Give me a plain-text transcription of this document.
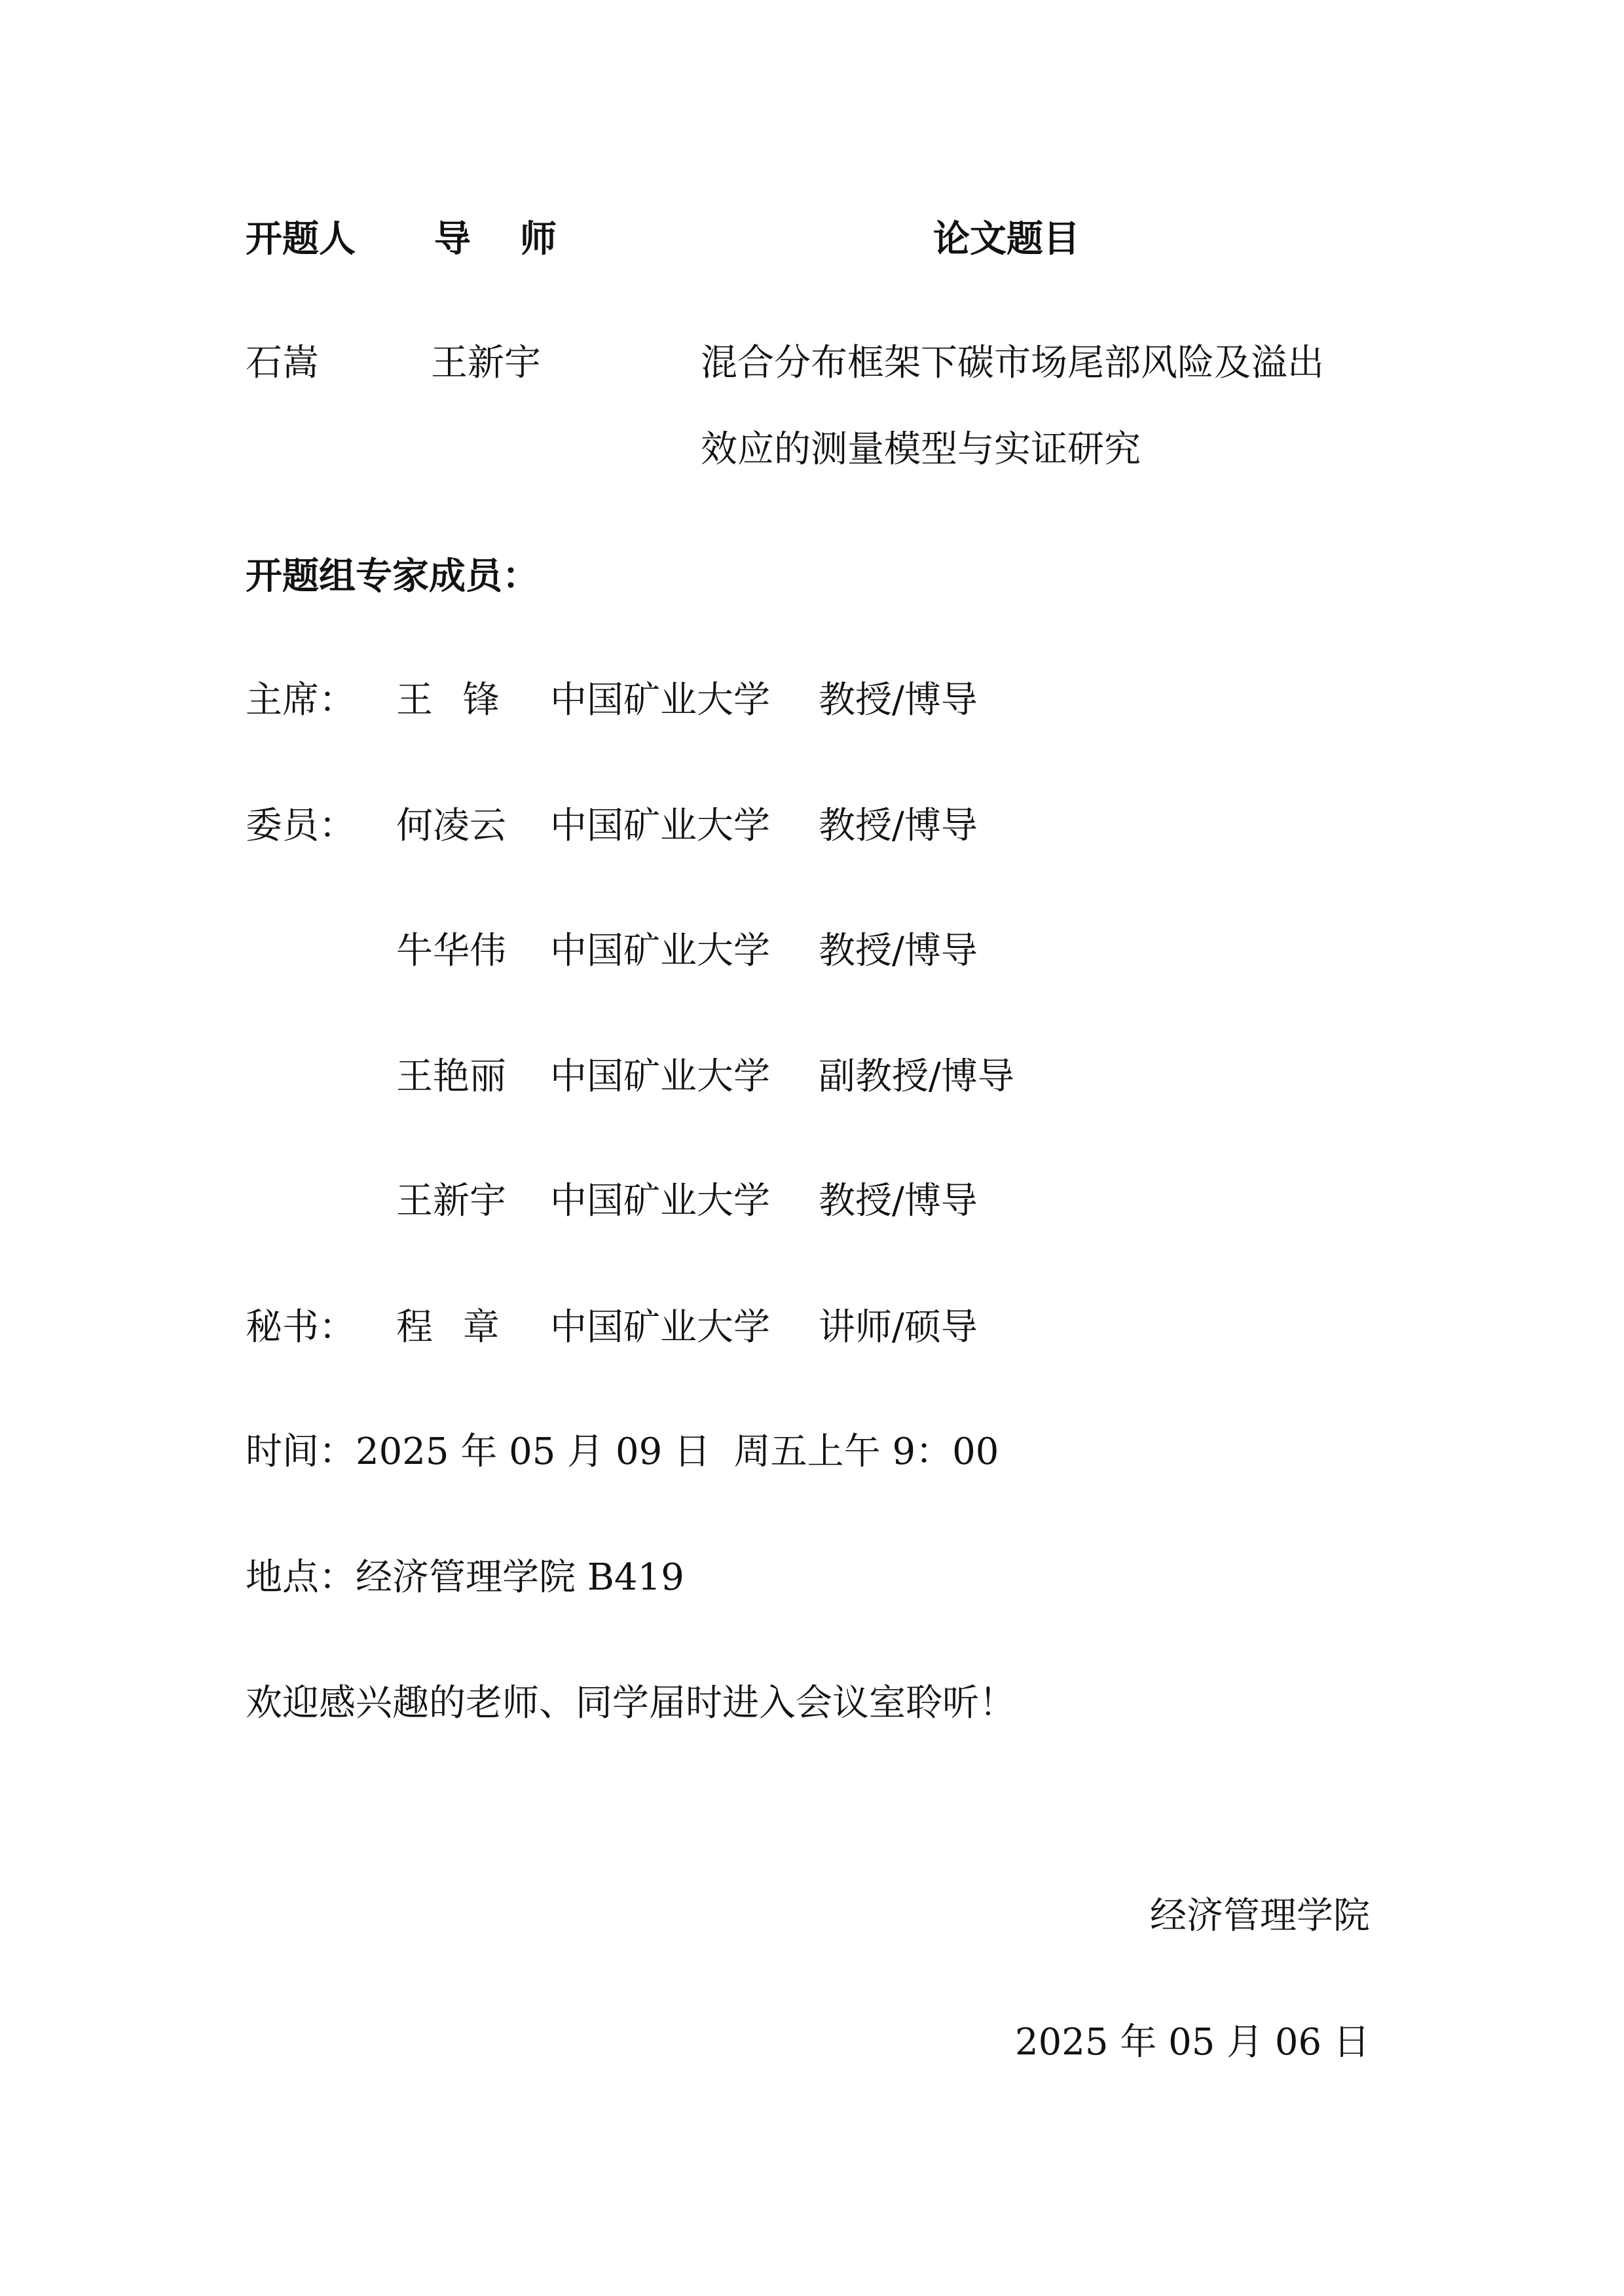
开题人 导  师	论文题目
石嵩	王新宇	混合分布框架下碳市场尾部风险及溢出
效应的测量模型与实证研究
开题组专家成员：
主席： 王 锋 中国矿业大学 教授/博导
委员： 何凌云 中国矿业大学 教授/博导
牛华伟 中国矿业大学 教授/博导
王艳丽 中国矿业大学 副教授/博导
王新宇 中国矿业大学 教授/博导
秘书： 程 章 中国矿业大学 讲师/硕导
时间：2025 年 05 月 09 日  周五上午 9：00
地点：经济管理学院 B419
欢迎感兴趣的老师、同学届时进入会议室聆听！
经济管理学院
2025 年 05 月 06 日
